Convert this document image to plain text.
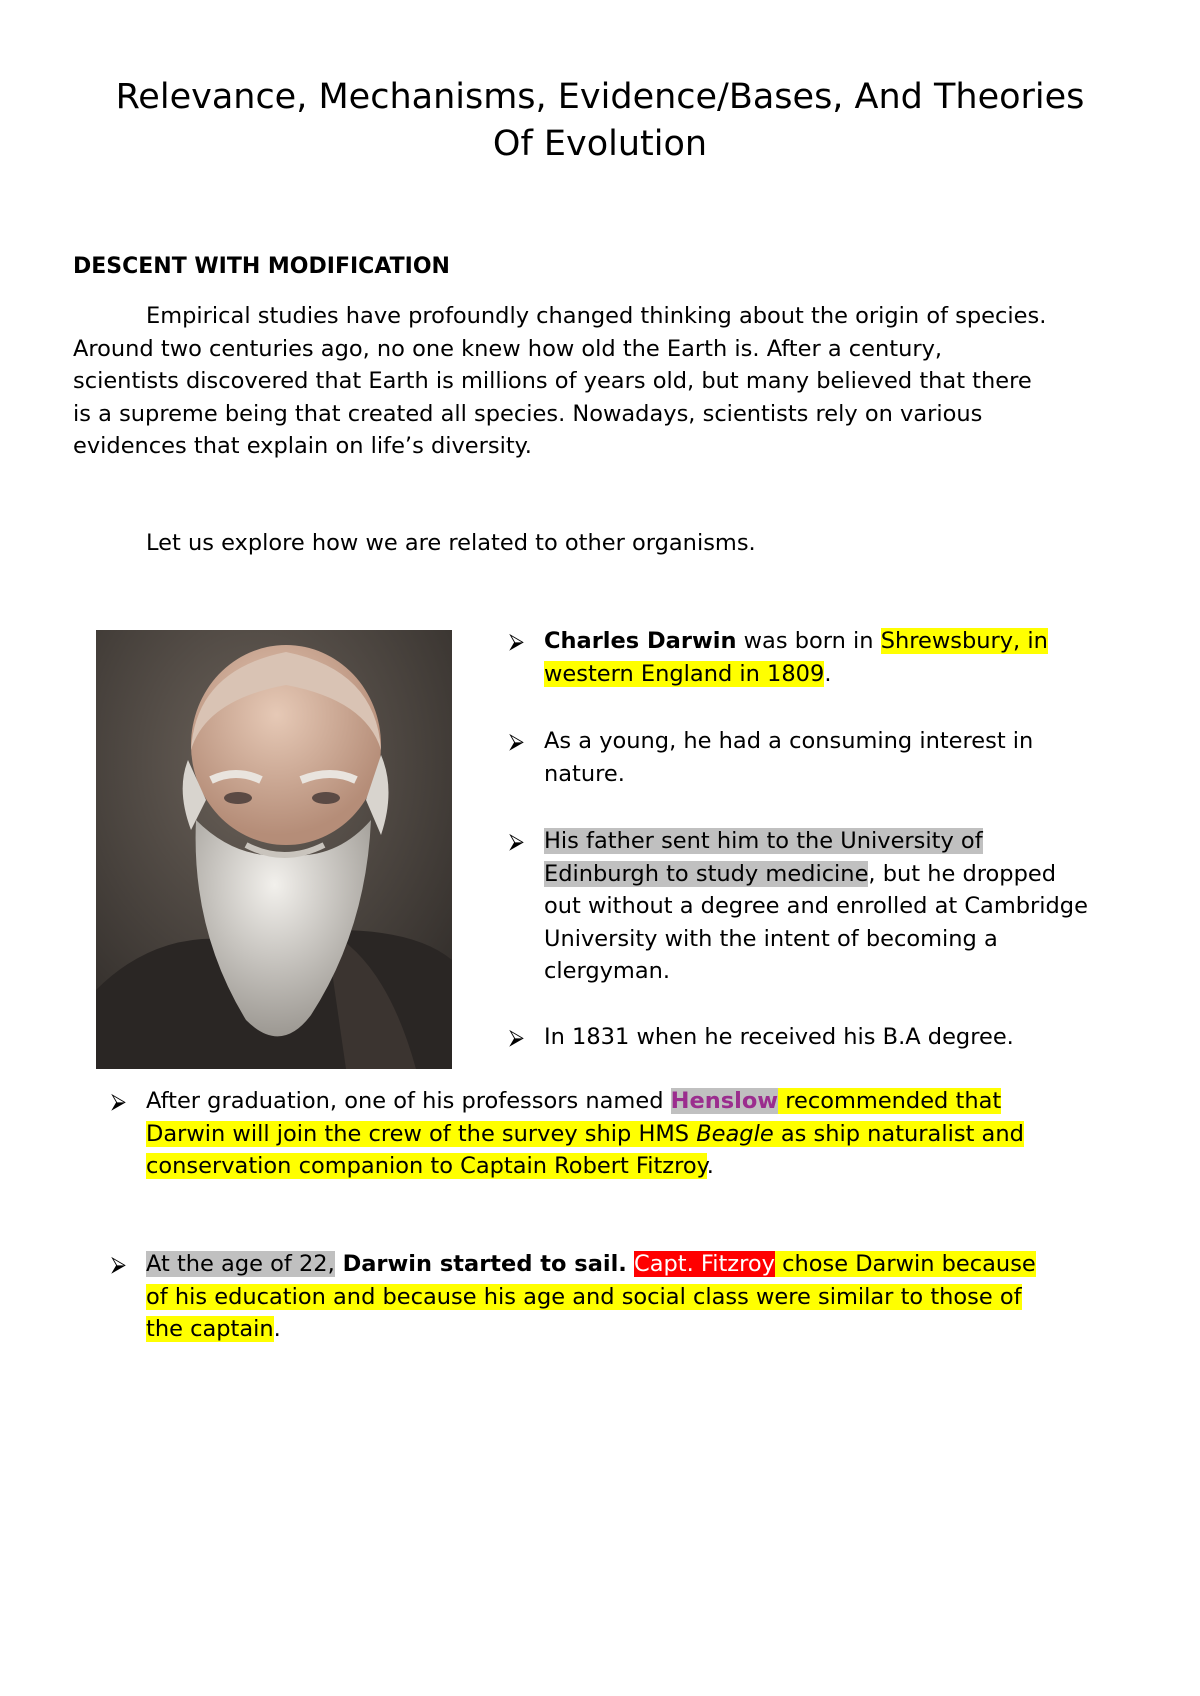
Relevance, Mechanisms, Evidence/Bases, And Theories
Of Evolution
DESCENT WITH MODIFICATION

Empirical studies have profoundly changed thinking about the origin of species.
Around two centuries ago, no one knew how old the Earth is. After a century,
scientists discovered that Earth is millions of years old, but many believed that there
is a supreme being that created all species. Nowadays, scientists rely on various
evidences that explain on life’s diversity.

Let us explore how we are related to other organisms.

⮚ Charles Darwin was born in Shrewsbury, in
western England in 1809.
⮚ As a young, he had a consuming interest in
nature.
⮚ His father sent him to the University of
Edinburgh to study medicine, but he dropped
out without a degree and enrolled at Cambridge
University with the intent of becoming a
clergyman.
⮚ In 1831 when he received his B.A degree.
⮚ After graduation, one of his professors named Henslow recommended that
Darwin will join the crew of the survey ship HMS Beagle as ship naturalist and
conservation companion to Captain Robert Fitzroy.
⮚ At the age of 22, Darwin started to sail. Capt. Fitzroy chose Darwin because
of his education and because his age and social class were similar to those of
the captain.
